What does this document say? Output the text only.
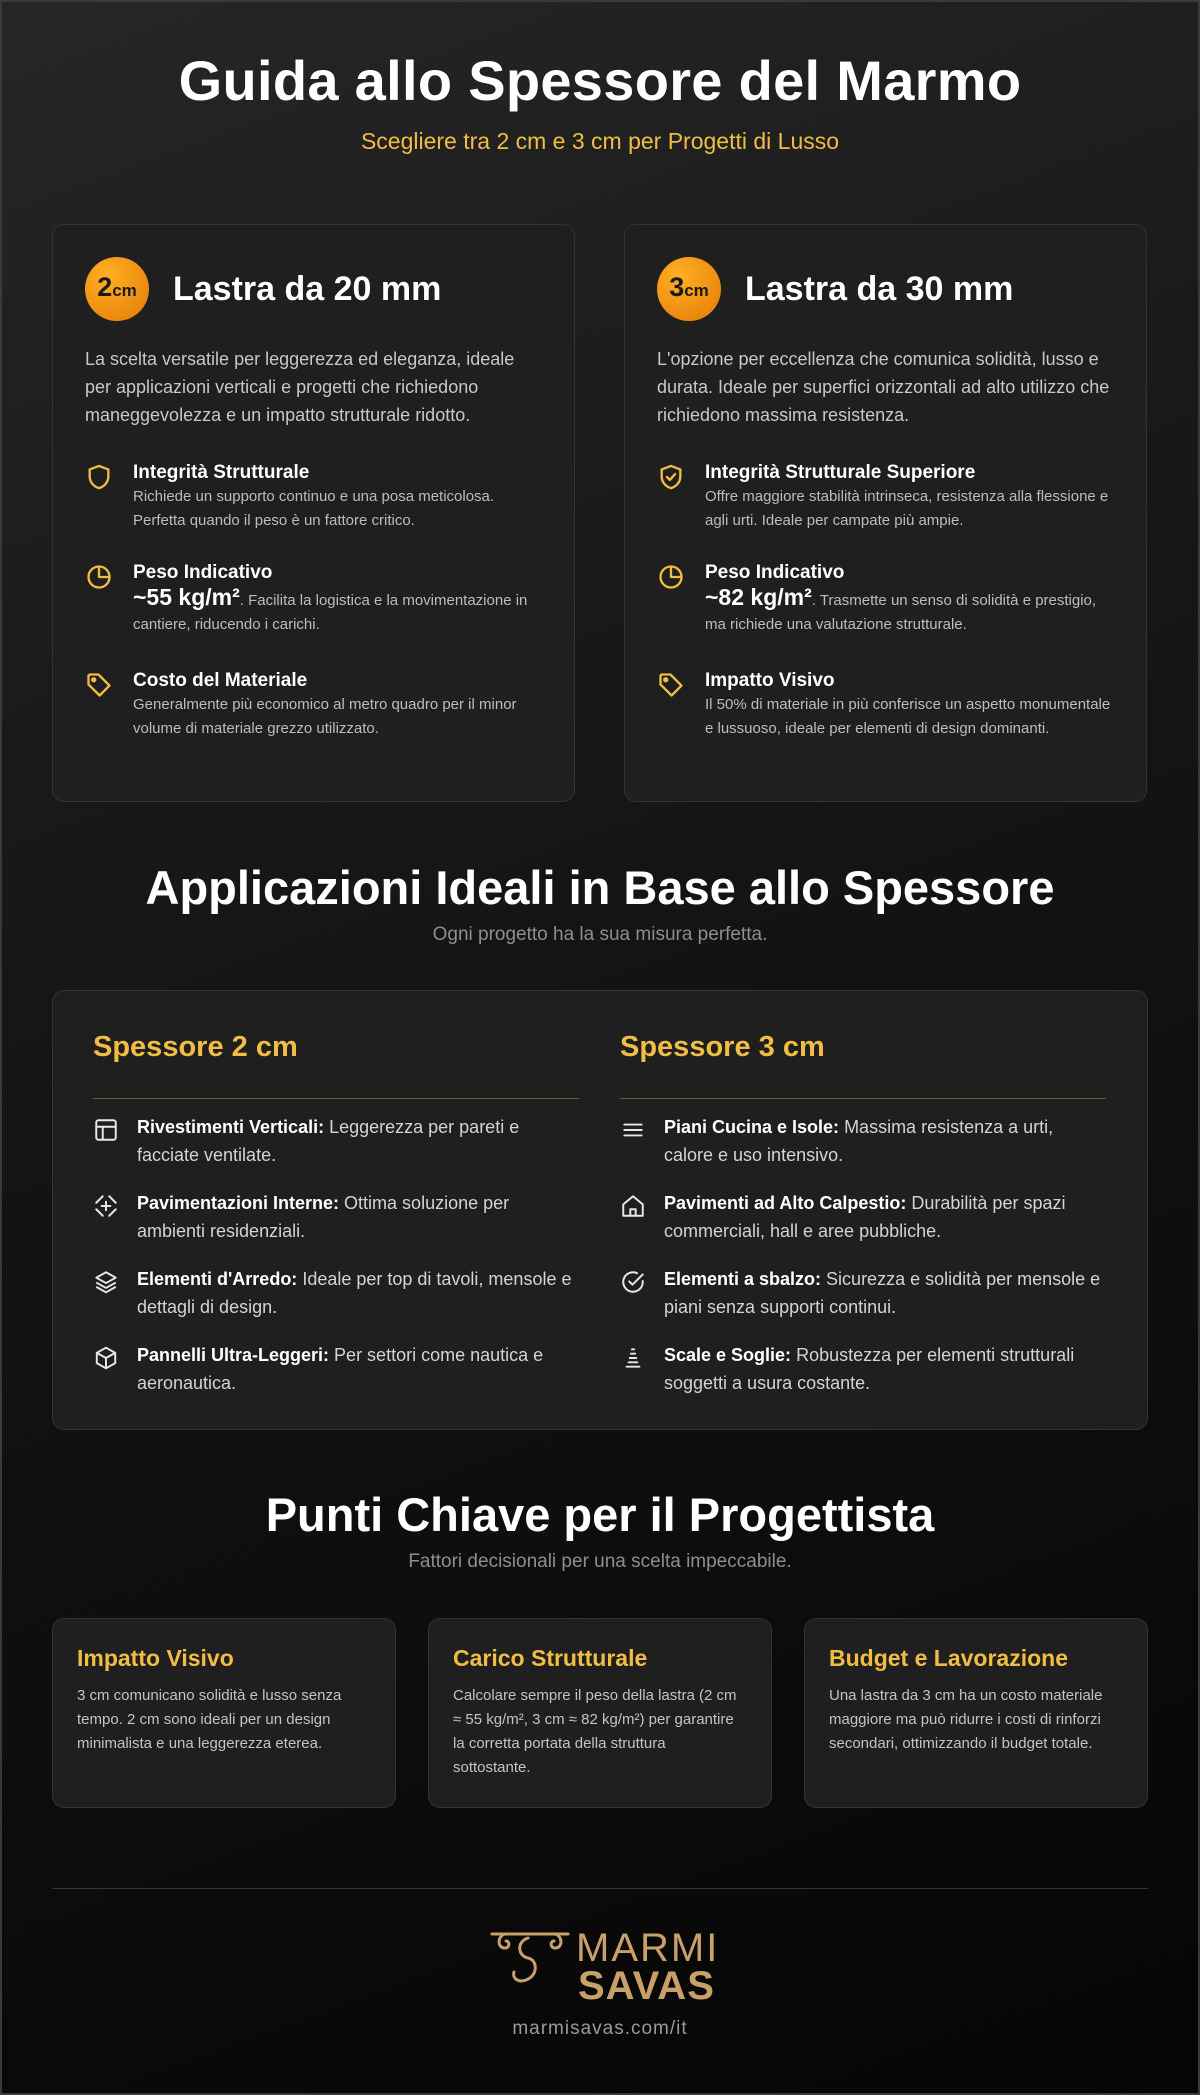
Guida allo Spessore del Marmo
Scegliere tra 2 cm e 3 cm per Progetti di Lusso
2 cm Lastra da 20 mm

La scelta versatile per leggerezza ed eleganza, ideale per applicazioni verticali e progetti che richiedono maneggevolezza e un impatto strutturale ridotto.

Integrità Strutturale

Richiede un supporto continuo e una posa meticolosa. Perfetta quando il peso è un fattore critico.

Peso Indicativo

~55 kg/m². Facilita la logistica e la movimentazione in cantiere, riducendo i carichi.

Costo del Materiale

Generalmente più economico al metro quadro per il minor volume di materiale grezzo utilizzato.

3 cm Lastra da 30 mm

L'opzione per eccellenza che comunica solidità, lusso e durata. Ideale per superfici orizzontali ad alto utilizzo che richiedono massima resistenza.

Integrità Strutturale Superiore

Offre maggiore stabilità intrinseca, resistenza alla flessione e agli urti. Ideale per campate più ampie.

Peso Indicativo

~82 kg/m². Trasmette un senso di solidità e prestigio, ma richiede una valutazione strutturale.

Impatto Visivo

Il 50% di materiale in più conferisce un aspetto monumentale e lussuoso, ideale per elementi di design dominanti.

Applicazioni Ideali in Base allo Spessore
Ogni progetto ha la sua misura perfetta.
Spessore 2 cm
Rivestimenti Verticali: Leggerezza per pareti e facciate ventilate.
Pavimentazioni Interne: Ottima soluzione per ambienti residenziali.
Elementi d'Arredo: Ideale per top di tavoli, mensole e dettagli di design.
Pannelli Ultra-Leggeri: Per settori come nautica e aeronautica.
Spessore 3 cm
Piani Cucina e Isole: Massima resistenza a urti, calore e uso intensivo.
Pavimenti ad Alto Calpestio: Durabilità per spazi commerciali, hall e aree pubbliche.
Elementi a sbalzo: Sicurezza e solidità per mensole e piani senza supporti continui.
Scale e Soglie: Robustezza per elementi strutturali soggetti a usura costante.
Punti Chiave per il Progettista
Fattori decisionali per una scelta impeccabile.
Impatto Visivo

3 cm comunicano solidità e lusso senza tempo. 2 cm sono ideali per un design minimalista e una leggerezza eterea.

Carico Strutturale

Calcolare sempre il peso della lastra (2 cm ≈ 55 kg/m², 3 cm ≈ 82 kg/m²) per garantire la corretta portata della struttura sottostante.

Budget e Lavorazione

Una lastra da 3 cm ha un costo materiale maggiore ma può ridurre i costi di rinforzi secondari, ottimizzando il budget totale.

MARMI
SAVAS
marmisavas.com/it
